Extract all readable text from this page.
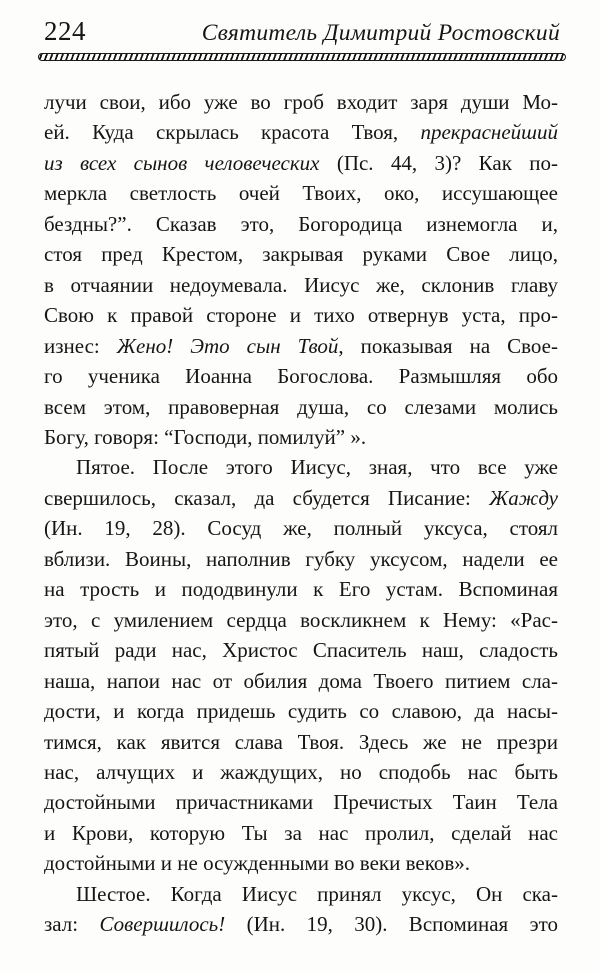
224	Святитель Димитрий Ростовский
лучи свои, ибо уже во гроб входит заря души Мо-
ей. Куда скрылась красота Твоя, прекраснейший
из всех сынов человеческих (Пс. 44, 3)? Как по-
меркла светлость очей Твоих, око, иссушающее
бездны?”. Сказав это, Богородица изнемогла и,
стоя пред Крестом, закрывая руками Свое лицо,
в отчаянии недоумевала. Иисус же, склонив главу
Свою к правой стороне и тихо отвернув уста, про-
изнес: Жено! Это сын Твой, показывая на Свое-
го ученика Иоанна Богослова. Размышляя обо
всем этом, правоверная душа, со слезами молись
Богу, говоря: “Господи, помилуй” ».
Пятое. После этого Иисус, зная, что все уже
свершилось, сказал, да сбудется Писание: Жажду
(Ин. 19, 28). Сосуд же, полный уксуса, стоял
вблизи. Воины, наполнив губку уксусом, надели ее
на трость и пододвинули к Его устам. Вспоминая
это, с умилением сердца воскликнем к Нему: «Рас-
пятый ради нас, Христос Спаситель наш, сладость
наша, напои нас от обилия дома Твоего питием сла-
дости, и когда придешь судить со славою, да насы-
тимся, как явится слава Твоя. Здесь же не презри
нас, алчущих и жаждущих, но сподобь нас быть
достойными причастниками Пречистых Таин Тела
и Крови, которую Ты за нас пролил, сделай нас
достойными и не осужденными во веки веков».
Шестое. Когда Иисус принял уксус, Он ска-
зал: Совершилось! (Ин. 19, 30). Вспоминая это
